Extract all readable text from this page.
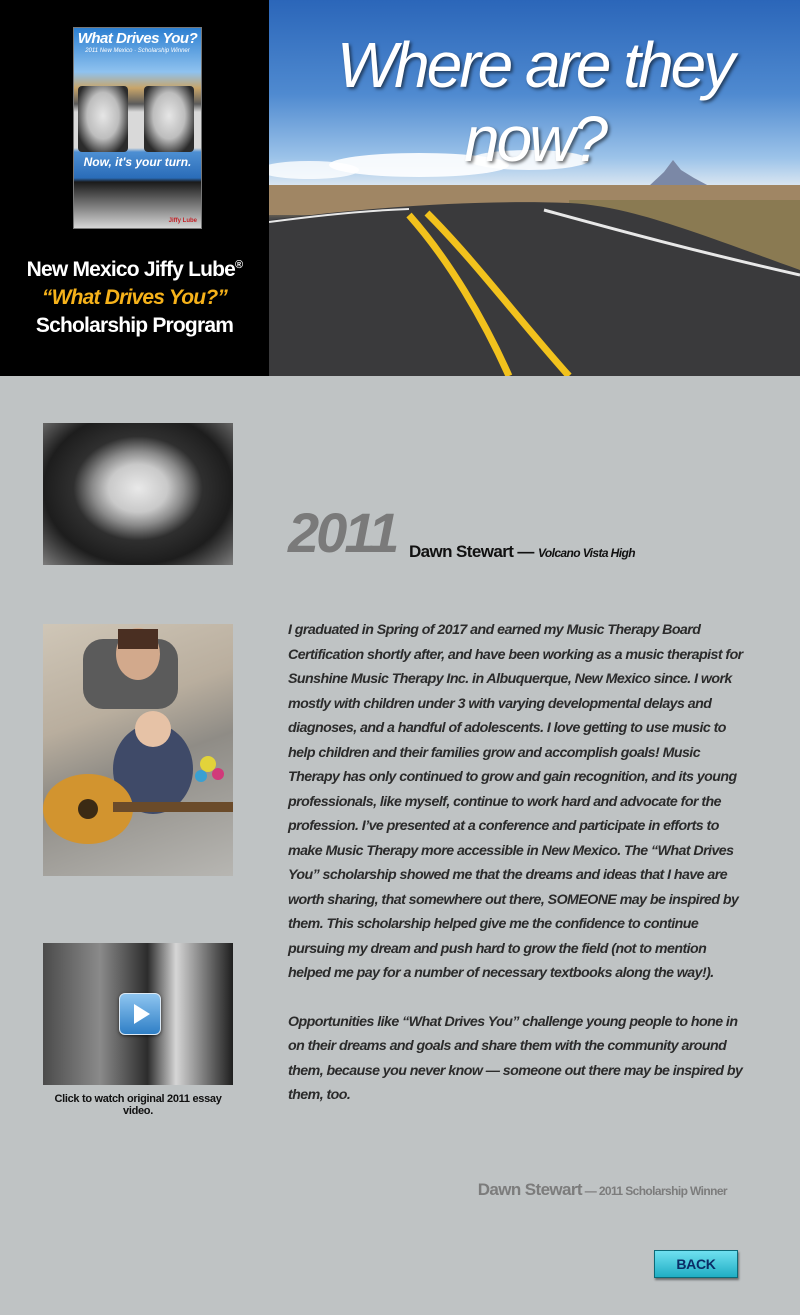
What Drives You?
2011 New Mexico · Scholarship Winner
Now, it's your turn.
Jiffy Lube
New Mexico Jiffy Lube®
“What Drives You?”
Scholarship Program
Where are they now?
2011 Dawn Stewart — Volcano Vista High
Click to watch original 2011 essay video.

I graduated in Spring of 2017 and earned my Music Therapy Board Certification shortly after, and have been working as a music therapist for Sunshine Music Therapy Inc. in Albuquerque, New Mexico since. I work mostly with children under 3 with varying developmental delays and diagnoses, and a handful of adolescents. I love getting to use music to help children and their families grow and accomplish goals! Music Therapy has only continued to grow and gain recognition, and its young professionals, like myself, continue to work hard and advocate for the profession. I’ve presented at a conference and participate in efforts to make Music Therapy more accessible in New Mexico. The “What Drives You” scholarship showed me that the dreams and ideas that I have are worth sharing, that somewhere out there, SOMEONE may be inspired by them. This scholarship helped give me the confidence to continue pursuing my dream and push hard to grow the field (not to mention helped me pay for a number of necessary textbooks along the way!).

Opportunities like “What Drives You” challenge young people to hone in on their dreams and goals and share them with the community around them, because you never know — someone out there may be inspired by them, too.

Dawn Stewart — 2011 Scholarship Winner
BACK
